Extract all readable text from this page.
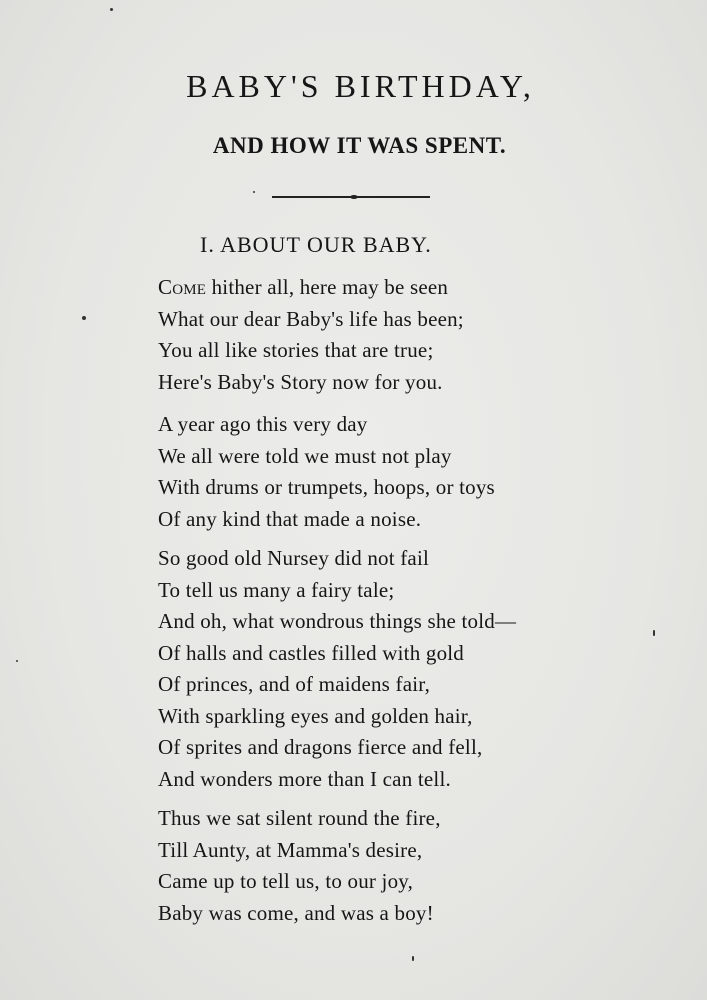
BABY'S BIRTHDAY,
AND HOW IT WAS SPENT.
I. ABOUT OUR BABY.
Come hither all, here may be seen
What our dear Baby's life has been;
You all like stories that are true;
Here's Baby's Story now for you.
A year ago this very day
We all were told we must not play
With drums or trumpets, hoops, or toys
Of any kind that made a noise.
So good old Nursey did not fail
To tell us many a fairy tale;
And oh, what wondrous things she told—
Of halls and castles filled with gold
Of princes, and of maidens fair,
With sparkling eyes and golden hair,
Of sprites and dragons fierce and fell,
And wonders more than I can tell.
Thus we sat silent round the fire,
Till Aunty, at Mamma's desire,
Came up to tell us, to our joy,
Baby was come, and was a boy!
